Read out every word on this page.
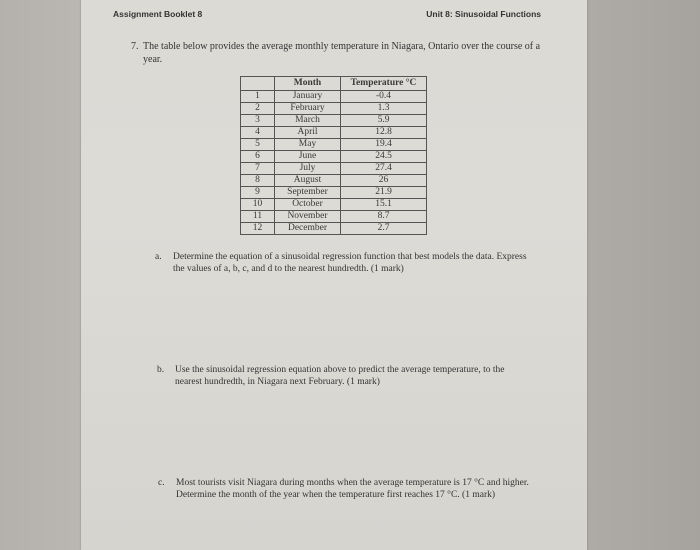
Assignment Booklet 8	Unit 8: Sinusoidal Functions
7. The table below provides the average monthly temperature in Niagara, Ontario over the course of a
year.
	Month	Temperature °C
1	January	-0.4
2	February	1.3
3	March	5.9
4	April	12.8
5	May	19.4
6	June	24.5
7	July	27.4
8	August	26
9	September	21.9
10	October	15.1
11	November	8.7
12	December	2.7
a. Determine the equation of a sinusoidal regression function that best models the data. Express
the values of a, b, c, and d to the nearest hundredth. (1 mark)
b. Use the sinusoidal regression equation above to predict the average temperature, to the
nearest hundredth, in Niagara next February. (1 mark)
c. Most tourists visit Niagara during months when the average temperature is 17 °C and higher.
Determine the month of the year when the temperature first reaches 17 °C. (1 mark)
